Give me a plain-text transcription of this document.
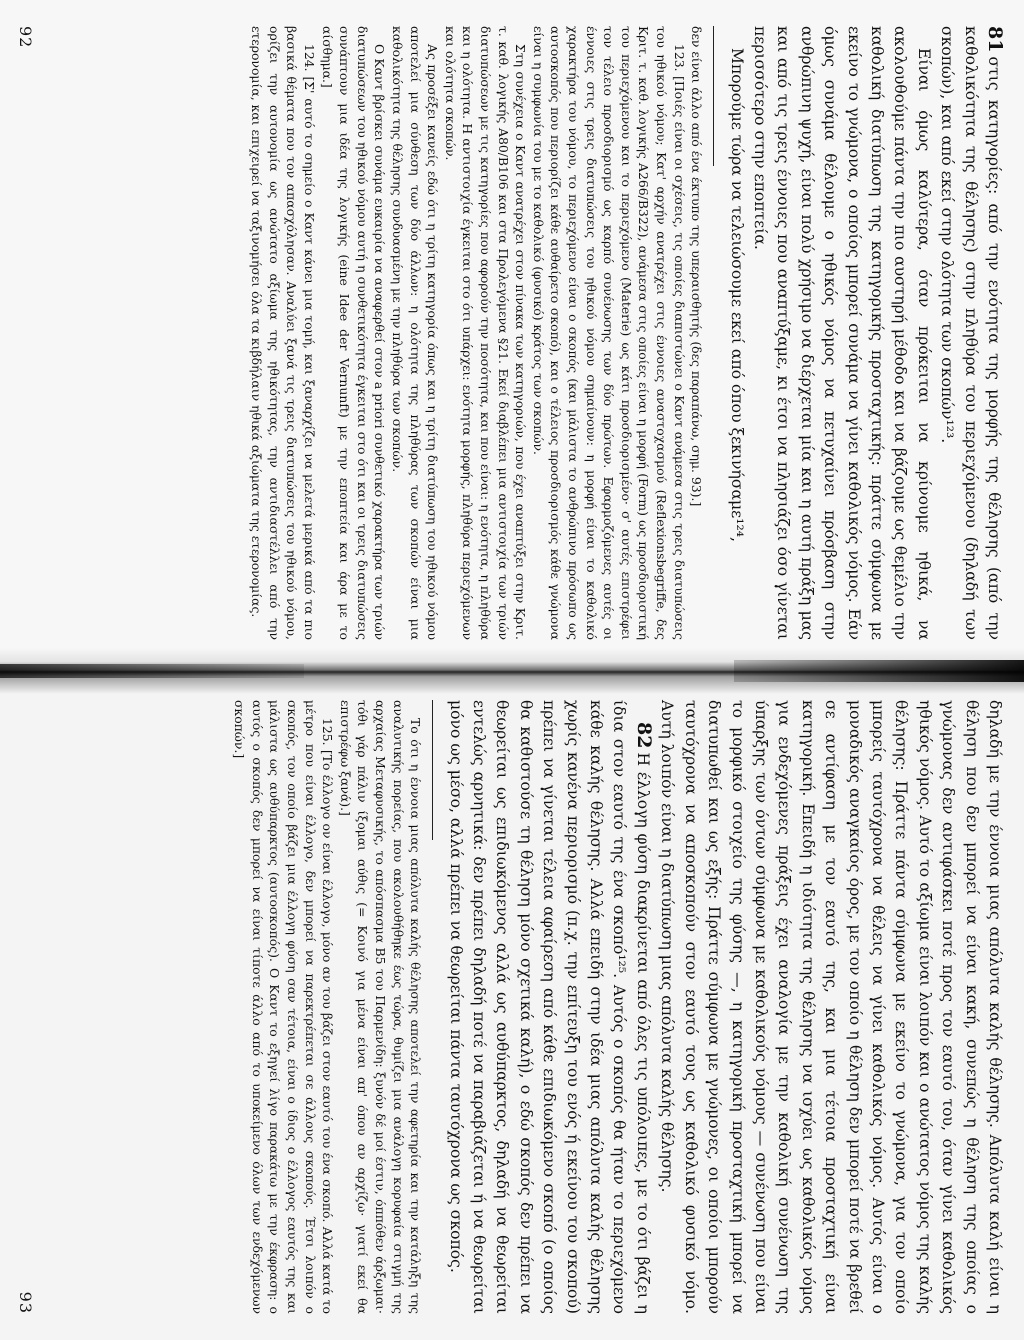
81στις κατηγορίες: από την ενότητα της μορφής της θέλησης (από την καθολικότητα της θέλησης) στην πληθύρα του περιεχόμενου (δηλαδή των σκοπών), και από εκεί στην ολότητα των σκοπών¹²³.

Είναι όμως καλύτερα, όταν πρόκειται να κρίνουμε ηθικά, να ακολουθούμε πάντα την πιο αυστηρή μέθοδο και να βάζουμε ως θεμέλιο την καθολική διατύπωση της κατηγορικής προσταχτικής: πράττε σύμφωνα με εκείνο το γνώμονα, ο οποίος μπορεί συνάμα να γίνει καθολικός νόμος. Εάν όμως συνάμα θέλουμε ο ηθικός νόμος να πετυχαίνει πρόσβαση στην ανθρώπινη ψυχή, είναι πολύ χρήσιμο να διέρχεται μία και η αυτή πράξη μας και από τις τρεις έννοιες που αναπτύξαμε, κι έτσι να πλησιάζει όσο γίνεται περισσότερο στην εποπτεία.

Μπορούμε τώρα να τελειώσουμε εκεί από όπου ξεκινήσαμε¹²⁴,

δεν είναι άλλο από ένα έκτυπο της υπεραισθητής (δες παραπάνω, σημ. 93).]

123. [Ποιές είναι οι σχέσεις, τις οποίες διαπιστώνει ο Καντ ανάμεσα στις τρεις διατυπώσεις του ηθικού νόμου; Κατ' αρχήν ανατρέχει στις έννοιες αναστοχασμού (Reflexionsbegriffe, δες Κριτ. τ. καθ. λογικής Α266/Β322), ανάμεσα στις οποίες είναι η μορφή (Form) ως προσδιοριστική του περιεχόμενου και το περιεχόμενο (Materie) ως κάτι προσδιορισμένο· σ' αυτές επιστρέφει τον τέλειο προσδιορισμό ως καρπό συνένωσης των δύο πρώτων. Εφαρμοζόμενες αυτές οι έννοιες στις τρεις διατυπώσεις του ηθικού νόμου σημαίνουν: η μορφή είναι το καθολικό χαρακτήρα του νόμου, το περιεχόμενο είναι ο σκοπός (και μάλιστα το ανθρώπινο πρόσωπο ως αυτοσκοπός που περιορίζει κάθε αυθαίρετο σκοπό), και ο τέλειος προσδιορισμός κάθε γνώμονα είναι η συμφωνία του με το καθολικό (φυσικό) κράτος των σκοπών.

Στη συνέχεια ο Καντ ανατρέχει στον πίνακα των κατηγοριών, που έχει αναπτύξει στην Κριτ. τ. καθ. λογικής Α80/Β106 και στα Προλεγόμενα §21. Εκεί διαβλέπει μια αντιστοιχία των τριών διατυπώσεων με τις κατηγορίες που αφορούν την ποσότητα, και που είναι: η ενότητα, η πληθύρα και η ολότητα. Η αντιστοιχία έγκειται στο ότι υπάρχει: ενότητα μορφής, πληθύρα περιεχόμενων και ολότητα σκοπών.

Ας προσέξει κανείς εδώ ότι η τρίτη κατηγορία όπως και η τρίτη διατύπωση του ηθικού νόμου αποτελεί μια σύνθεση των δύο άλλων: η ολότητα της πληθύρας των σκοπών είναι μια καθολικότητα της θέλησης συνδυασμένη με την πληθύρα των σκοπών.

Ο Καντ βρίσκει συνάμα ευκαιρία να αναφερθεί στον a priori συνθετικό χαρακτήρα των τριών διατυπώσεων του ηθικού νόμου αυτή η συνθετικότητα έγκειται στο ότι και οι τρεις διατυπώσεις συνάπτουν μια ιδέα της λογικής (eine Idee der Vernunft) με την εποπτεία και άρα με το αίσθημα.]

124. [Σ' αυτό το σημείο ο Καντ κάνει μια τομή, και ξαναρχίζει να μελετά μερικά από τα πιο βασικά θέματα που τον απασχόλησαν. Αναλύει ξανά τις τρεις διατυπώσεις του ηθικού νόμου, ορίζει την αυτονομία ως ανώτατο αξίωμα της ηθικότητας, την αντιδιαστέλλει από την ετερονομία, και επιχειρεί να ταξινομήσει όλα τα κιβδήλαιν ηθικά αξιώματα της ετερονομίας.

92

δηλαδή με την έννοια μιας απόλυτα καλής θέλησης. Απόλυτα καλή είναι η θέληση που δεν μπορεί να είναι κακή, συνεπώς η θέληση της οποίας ο γνώμονας δεν αντιφάσκει ποτέ προς τον εαυτό του, όταν γίνει καθολικός ηθικός νόμος. Αυτό το αξίωμα είναι λοιπόν και ο ανώτατος νόμος της καλής θέλησης: Πράττε πάντα σύμφωνα με εκείνο το γνώμονα, για τον οποίο μπορείς ταυτόχρονα να θέλεις να γίνει καθολικός νόμος. Αυτός είναι ο μοναδικός αναγκαίος όρος, με τον οποίο η θέληση δεν μπορεί ποτέ να βρεθεί σε αντίφαση με τον εαυτό της, και μια τέτοια προσταχτική είναι κατηγορική. Επειδή η ιδιότητα της θέλησης να ισχύει ως καθολικός νόμος για ενδεχόμενες πράξεις έχει αναλογία με την καθολική συνένωση της ύπαρξης των όντων σύμφωνα με καθολικούς νόμους — συνένωση που είναι το μορφικό στοιχείο της φύσης —, η κατηγορική προσταχτική μπορεί να διατυπωθεί και ως εξής: Πράττε σύμφωνα με γνώμονες, οι οποίοι μπορούν ταυτόχρονα να αποσκοπούν στον εαυτό τους ως καθολικό φυσικό νόμο. Αυτή λοιπόν είναι η διατύπωση μιας απόλυτα καλής θέλησης.

82Η έλλογη φύση διακρίνεται από όλες τις υπόλοιπες, με το ότι βάζει η ίδια στον εαυτό της ένα σκοπό¹²⁵. Αυτός ο σκοπός θα ήταν το περιεχόμενο κάθε καλής θέλησης. Αλλά επειδή στην ιδέα μιας απόλυτα καλής θέλησης χωρίς κανένα περιορισμό (π.χ. την επίτευξη του ενός ή εκείνου του σκοπού) πρέπει να γίνεται τέλεια αφαίρεση από κάθε επιδιωκόμενο σκοπό (ο οποίος θα καθιστούσε τη θέληση μόνο σχετικά καλή), ο εδώ σκοπός δεν πρέπει να θεωρείται ως επιδιωκόμενος αλλά ως αυθύπαρκτος, δηλαδή να θεωρείται εντελώς αρνητικά: δεν πρέπει δηλαδή ποτέ να παραβιάζεται ή να θεωρείται μόνο ως μέσο, αλλά πρέπει να θεωρείται πάντα ταυτόχρονα ως σκοπός.

Το ότι η έννοια μιας απόλυτα καλής θέλησης αποτελεί την αφετηρία και την κατάληξη της αναλυτικής πορείας, που ακολουθήθηκε έως τώρα, θυμίζει μια ανάλογη κορυφαία στιγμή της αρχαίας Μεταφυσικής, το απόσπασμα Β5 του Παρμενίδη: ξυνόν δέ μοί έστιν, όππόθεν άρξωμαι· τόθι γάρ πάλιν ίξομαι αύθις (= Κοινό για μένα είναι απ' όπου αν αρχίζω· γιατί εκεί θα επιστρέφω ξανά).]

125. [Το έλλογο ον είναι έλλογο, μόνο αν του βάζει στον εαυτό του ένα σκοπό. Αλλά κατά το μέτρο που είναι έλλογο, δεν μπορεί να παρεκτρέπεται σε άλλους σκοπούς. Έτσι λοιπόν ο σκοπός, τον οποίο βάζει μια έλλογη φύση σαν τέτοια, είναι ο ίδιος ο έλλογος εαυτός της και μάλιστα ως αυθύπαρκτος (αυτοσκοπός). Ο Καντ το εξηγεί λίγο παρακάτω με την έκφραση: ο αυτός ο σκοπός δεν μπορεί να είναι τίποτε άλλο από το υποκείμενο όλων των ενδεχόμενων σκοπών.]

93
